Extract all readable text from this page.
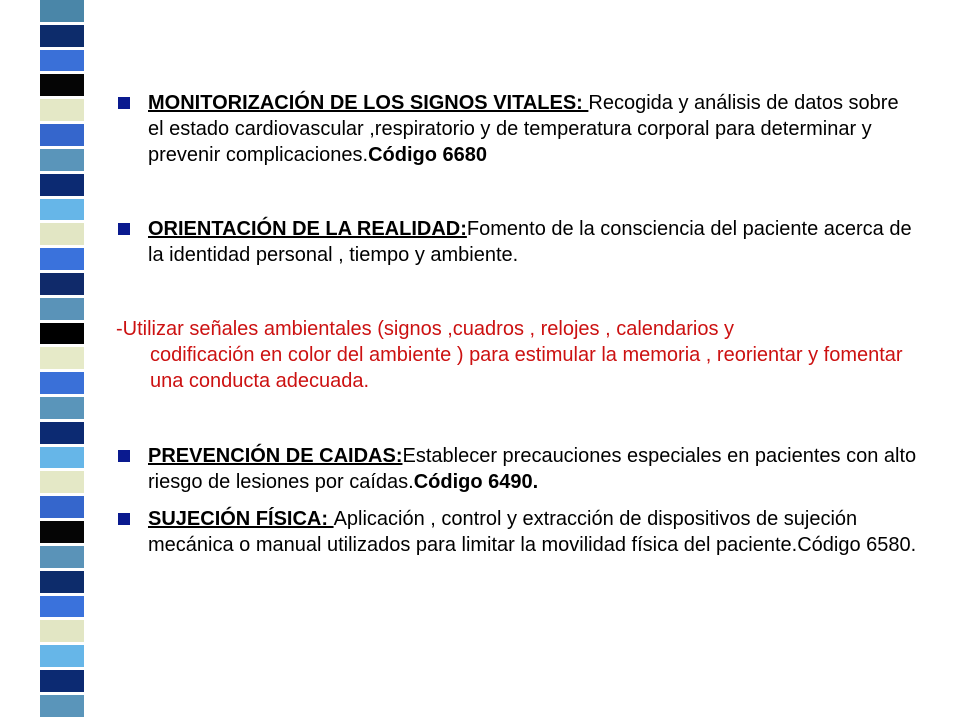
MONITORIZACIÓN DE LOS SIGNOS VITALES: Recogida y análisis de datos sobre el estado cardiovascular ,respiratorio y de temperatura corporal para determinar y prevenir complicaciones.Código 6680
ORIENTACIÓN DE LA REALIDAD:Fomento de la consciencia del paciente acerca de la identidad personal , tiempo y ambiente.
-Utilizar señales ambientales (signos ,cuadros , relojes , calendarios y
codificación en color del ambiente ) para estimular la memoria , reorientar y fomentar una conducta adecuada.
PREVENCIÓN DE CAIDAS:Establecer precauciones especiales en pacientes con alto riesgo de lesiones por caídas.Código 6490.
SUJECIÓN FÍSICA: Aplicación , control y extracción de dispositivos de sujeción mecánica o manual utilizados para limitar la movilidad física del paciente.Código 6580.
